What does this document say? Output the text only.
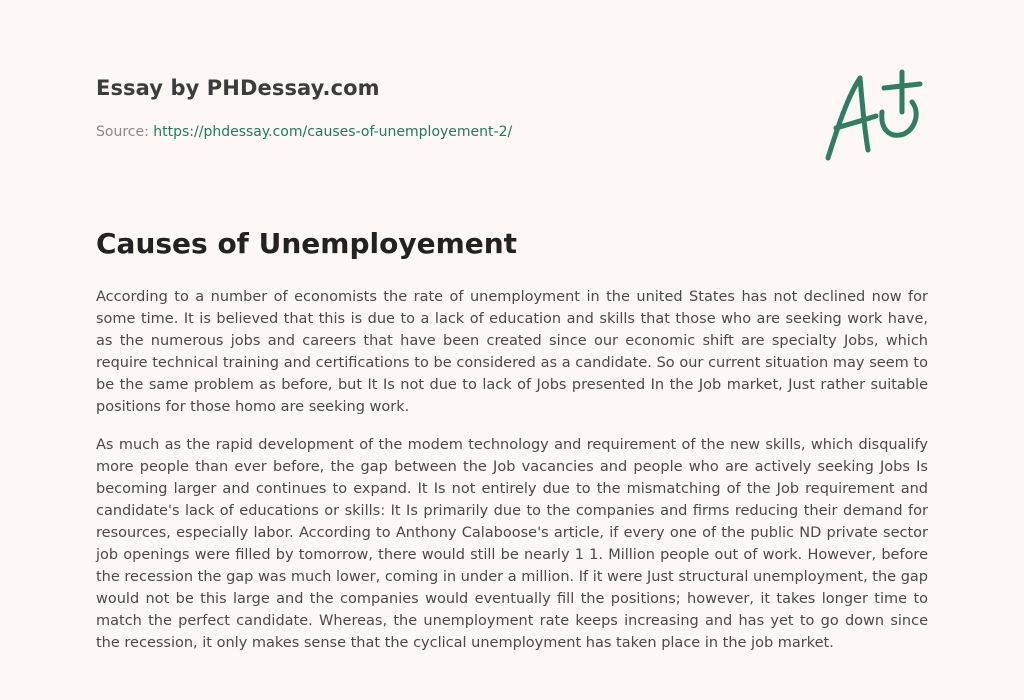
Essay by PHDessay.com
Source: https://phdessay.com/causes-of-unemployement-2/
Causes of Unemployement

According to a number of economists the rate of unemployment in the united States has not declined now for some time. It is believed that this is due to a lack of education and skills that those who are seeking work have, as the numerous jobs and careers that have been created since our economic shift are specialty Jobs, which require technical training and certifications to be considered as a candidate. So our current situation may seem to be the same problem as before, but It Is not due to lack of Jobs presented In the Job market, Just rather suitable positions for those homo are seeking work.

As much as the rapid development of the modem technology and requirement of the new skills, which disqualify more people than ever before, the gap between the Job vacancies and people who are actively seeking Jobs Is becoming larger and continues to expand. It Is not entirely due to the mismatching of the Job requirement and candidate's lack of educations or skills: It Is primarily due to the companies and firms reducing their demand for resources, especially labor. According to Anthony Calaboose's article, if every one of the public ND private sector job openings were filled by tomorrow, there would still be nearly 1 1. Million people out of work. However, before the recession the gap was much lower, coming in under a million. If it were Just structural unemployment, the gap would not be this large and the companies would eventually fill the positions; however, it takes longer time to match the perfect candidate. Whereas, the unemployment rate keeps increasing and has yet to go down since the recession, it only makes sense that the cyclical unemployment has taken place in the job market.
